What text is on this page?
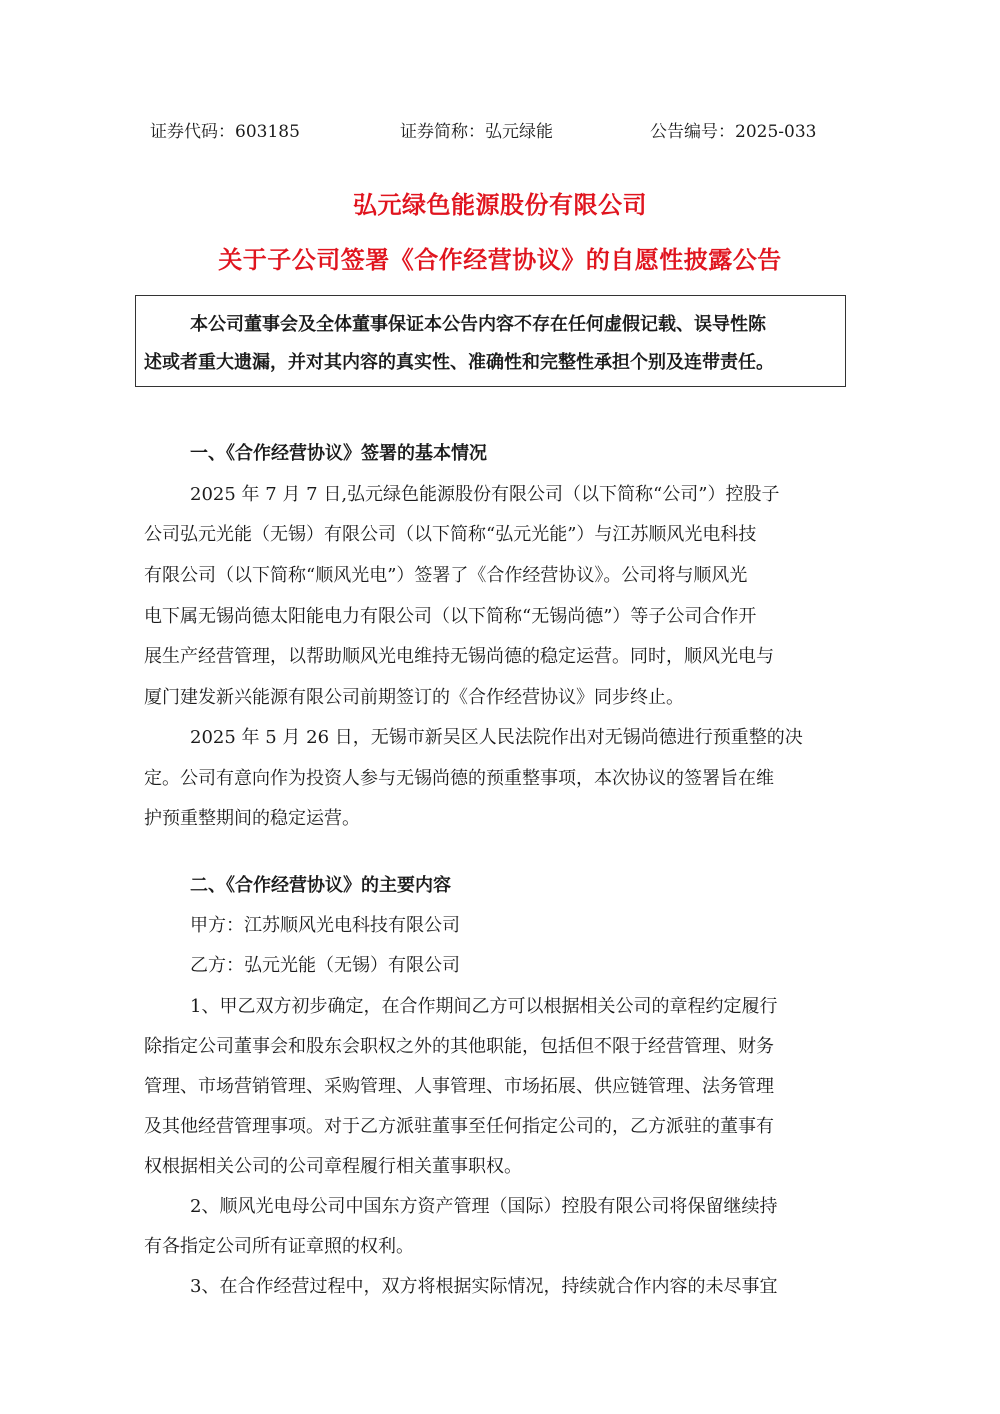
证券代码：603185	证券简称：弘元绿能	公告编号：2025-033
弘元绿色能源股份有限公司
关于子公司签署《合作经营协议》的自愿性披露公告

本公司董事会及全体董事保证本公告内容不存在任何虚假记载、误导性陈

述或者重大遗漏，并对其内容的真实性、准确性和完整性承担个别及连带责任。

一、《合作经营协议》签署的基本情况

2025 年 7 月 7 日,弘元绿色能源股份有限公司（以下简称“公司”）控股子

公司弘元光能（无锡）有限公司（以下简称“弘元光能”）与江苏顺风光电科技

有限公司（以下简称“顺风光电”）签署了《合作经营协议》。公司将与顺风光

电下属无锡尚德太阳能电力有限公司（以下简称“无锡尚德”）等子公司合作开

展生产经营管理，以帮助顺风光电维持无锡尚德的稳定运营。同时，顺风光电与

厦门建发新兴能源有限公司前期签订的《合作经营协议》同步终止。

2025 年 5 月 26 日，无锡市新吴区人民法院作出对无锡尚德进行预重整的决

定。公司有意向作为投资人参与无锡尚德的预重整事项，本次协议的签署旨在维

护预重整期间的稳定运营。

二、《合作经营协议》的主要内容

甲方：江苏顺风光电科技有限公司

乙方：弘元光能（无锡）有限公司

1、甲乙双方初步确定，在合作期间乙方可以根据相关公司的章程约定履行

除指定公司董事会和股东会职权之外的其他职能，包括但不限于经营管理、财务

管理、市场营销管理、采购管理、人事管理、市场拓展、供应链管理、法务管理

及其他经营管理事项。对于乙方派驻董事至任何指定公司的，乙方派驻的董事有

权根据相关公司的公司章程履行相关董事职权。

2、顺风光电母公司中国东方资产管理（国际）控股有限公司将保留继续持

有各指定公司所有证章照的权利。

3、在合作经营过程中，双方将根据实际情况，持续就合作内容的未尽事宜
